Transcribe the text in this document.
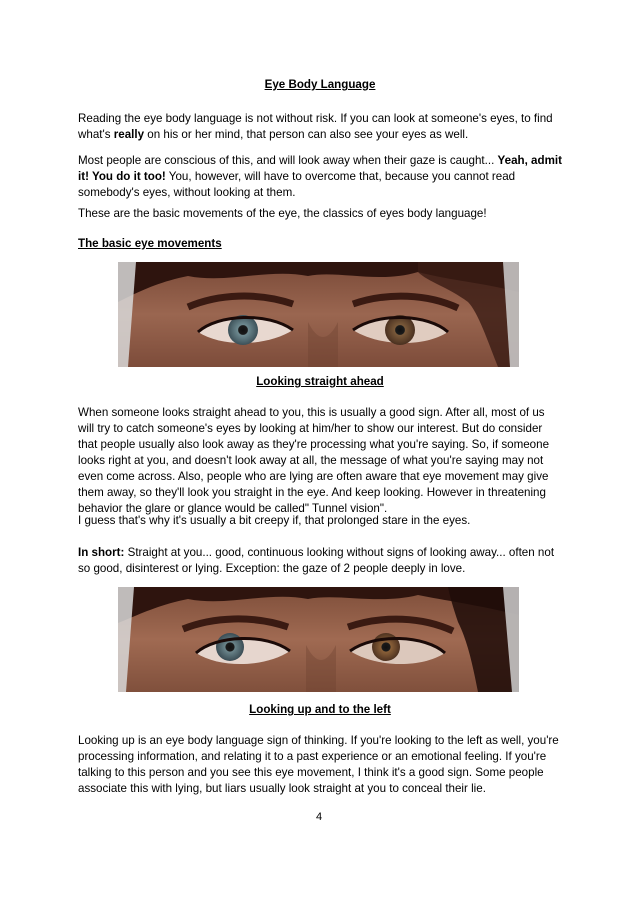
Eye Body Language

Reading the eye body language is not without risk. If you can look at someone's eyes, to find what's really on his or her mind, that person can also see your eyes as well.

Most people are conscious of this, and will look away when their gaze is caught... Yeah, admit it! You do it too! You, however, will have to overcome that, because you cannot read somebody's eyes, without looking at them.

These are the basic movements of the eye, the classics of eyes body language!

The basic eye movements

Looking straight ahead

When someone looks straight ahead to you, this is usually a good sign. After all, most of us will try to catch someone's eyes by looking at him/her to show our interest. But do consider that people usually also look away as they're processing what you're saying. So, if someone looks right at you, and doesn't look away at all, the message of what you're saying may not even come across. Also, people who are lying are often aware that eye movement may give them away, so they'll look you straight in the eye. And keep looking. However in threatening behavior the glare or glance would be called" Tunnel vision".

I guess that's why it's usually a bit creepy if, that prolonged stare in the eyes.

In short: Straight at you... good, continuous looking without signs of looking away... often not so good, disinterest or lying. Exception: the gaze of 2 people deeply in love.

Looking up and to the left

Looking up is an eye body language sign of thinking. If you're looking to the left as well, you're processing information, and relating it to a past experience or an emotional feeling. If you're talking to this person and you see this eye movement, I think it's a good sign. Some people associate this with lying, but liars usually look straight at you to conceal their lie.

4
